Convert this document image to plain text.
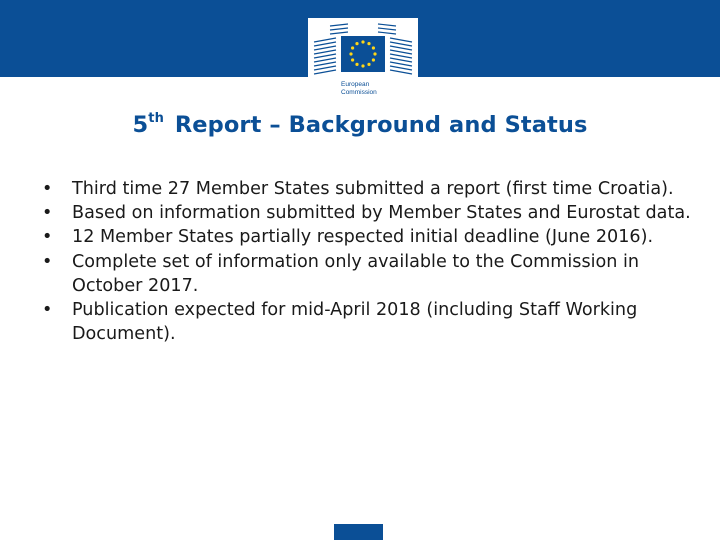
European
Commission
5th Report – Background and Status
•	Third time 27 Member States submitted a report (first time Croatia).
•	Based on information submitted by Member States and Eurostat data.
•	12 Member States partially respected initial deadline (June 2016).
•	Complete set of information only available to the Commission in October 2017.
•	Publication expected for mid-April 2018 (including Staff Working Document).
